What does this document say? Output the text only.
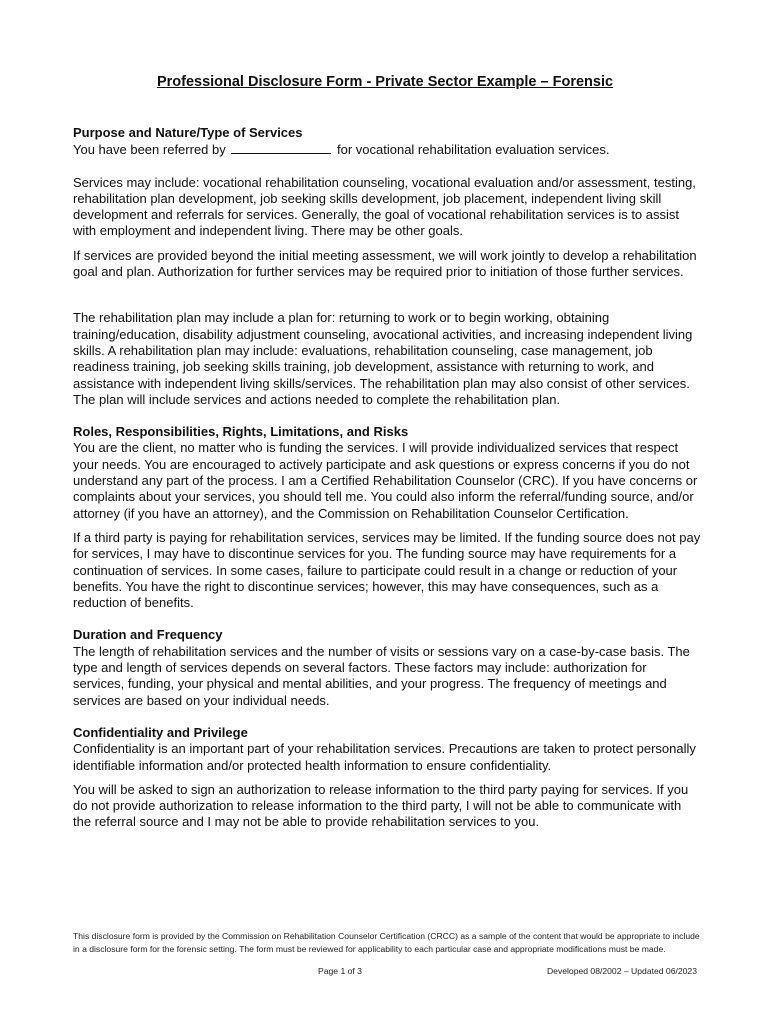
Professional Disclosure Form - Private Sector Example – Forensic

Purpose and Nature/Type of Services

You have been referred by	for vocational rehabilitation evaluation services.

Services may include: vocational rehabilitation counseling, vocational evaluation and/or assessment, testing, rehabilitation plan development, job seeking skills development, job placement, independent living skill development and referrals for services. Generally, the goal of vocational rehabilitation services is to assist with employment and independent living. There may be other goals.

If services are provided beyond the initial meeting assessment, we will work jointly to develop a rehabilitation goal and plan. Authorization for further services may be required prior to initiation of those further services.

The rehabilitation plan may include a plan for: returning to work or to begin working, obtaining training/education, disability adjustment counseling, avocational activities, and increasing independent living skills. A rehabilitation plan may include: evaluations, rehabilitation counseling, case management, job readiness training, job seeking skills training, job development, assistance with returning to work, and assistance with independent living skills/services. The rehabilitation plan may also consist of other services. The plan will include services and actions needed to complete the rehabilitation plan.

Roles, Responsibilities, Rights, Limitations, and Risks

You are the client, no matter who is funding the services. I will provide individualized services that respect your needs. You are encouraged to actively participate and ask questions or express concerns if you do not understand any part of the process. I am a Certified Rehabilitation Counselor (CRC). If you have concerns or complaints about your services, you should tell me. You could also inform the referral/funding source, and/or attorney (if you have an attorney), and the Commission on Rehabilitation Counselor Certification.

If a third party is paying for rehabilitation services, services may be limited. If the funding source does not pay for services, I may have to discontinue services for you. The funding source may have requirements for a continuation of services. In some cases, failure to participate could result in a change or reduction of your benefits. You have the right to discontinue services; however, this may have consequences, such as a reduction of benefits.

Duration and Frequency

The length of rehabilitation services and the number of visits or sessions vary on a case-by-case basis. The type and length of services depends on several factors. These factors may include: authorization for services, funding, your physical and mental abilities, and your progress. The frequency of meetings and services are based on your individual needs.

Confidentiality and Privilege

Confidentiality is an important part of your rehabilitation services. Precautions are taken to protect personally identifiable information and/or protected health information to ensure confidentiality.

You will be asked to sign an authorization to release information to the third party paying for services. If you do not provide authorization to release information to the third party, I will not be able to communicate with the referral source and I may not be able to provide rehabilitation services to you.

This disclosure form is provided by the Commission on Rehabilitation Counselor Certification (CRCC) as a sample of the content that would be appropriate to include in a disclosure form for the forensic setting. The form must be reviewed for applicability to each particular case and appropriate modifications must be made.
Page 1 of 3	Developed 08/2002 – Updated 06/2023
